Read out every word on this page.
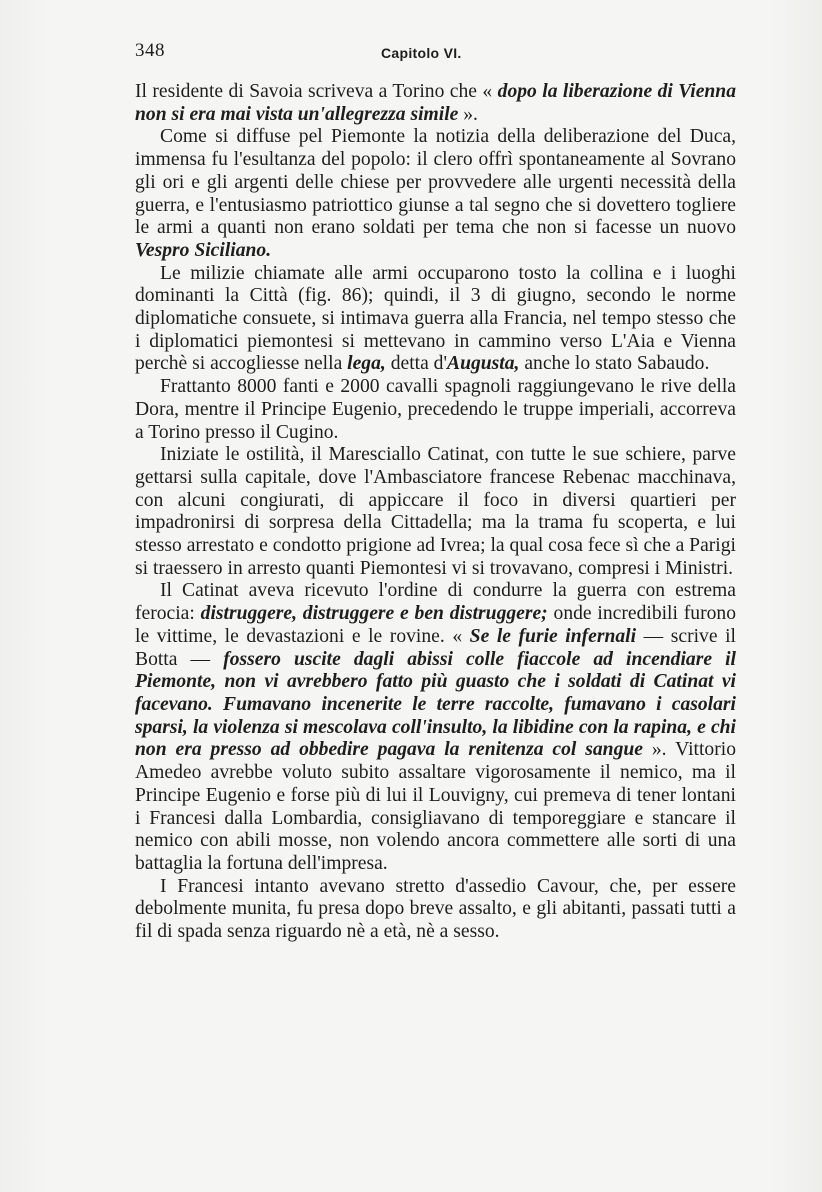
348	Capitolo VI.

Il residente di Savoia scriveva a Torino che « dopo la liberazione di Vienna non si era mai vista un'allegrezza simile ».

Come si diffuse pel Piemonte la notizia della deliberazione del Duca, immensa fu l'esultanza del popolo: il clero offrì spontaneamente al Sovrano gli ori e gli argenti delle chiese per provvedere alle urgenti necessità della guerra, e l'entusiasmo patriottico giunse a tal segno che si dovettero togliere le armi a quanti non erano soldati per tema che non si facesse un nuovo Vespro Siciliano.

Le milizie chiamate alle armi occuparono tosto la collina e i luoghi dominanti la Città (fig. 86); quindi, il 3 di giugno, secondo le norme diplomatiche consuete, si intimava guerra alla Francia, nel tempo stesso che i diplomatici piemontesi si mettevano in cammino verso L'Aia e Vienna perchè si accogliesse nella lega, detta d'Augusta, anche lo stato Sabaudo.

Frattanto 8000 fanti e 2000 cavalli spagnoli raggiungevano le rive della Dora, mentre il Principe Eugenio, precedendo le truppe imperiali, accorreva a Torino presso il Cugino.

Iniziate le ostilità, il Maresciallo Catinat, con tutte le sue schiere, parve gettarsi sulla capitale, dove l'Ambasciatore francese Rebenac macchinava, con alcuni congiurati, di appiccare il foco in diversi quartieri per impadronirsi di sorpresa della Cittadella; ma la trama fu scoperta, e lui stesso arrestato e condotto prigione ad Ivrea; la qual cosa fece sì che a Parigi si traessero in arresto quanti Piemontesi vi si trovavano, compresi i Ministri.

Il Catinat aveva ricevuto l'ordine di condurre la guerra con estrema ferocia: distruggere, distruggere e ben distruggere; onde incredibili furono le vittime, le devastazioni e le rovine. « Se le furie infernali — scrive il Botta — fossero uscite dagli abissi colle fiaccole ad incendiare il Piemonte, non vi avrebbero fatto più guasto che i soldati di Catinat vi facevano. Fumavano incenerite le terre raccolte, fumavano i casolari sparsi, la violenza si mescolava coll'insulto, la libidine con la rapina, e chi non era presso ad obbedire pagava la renitenza col sangue ». Vittorio Amedeo avrebbe voluto subito assaltare vigorosamente il nemico, ma il Principe Eugenio e forse più di lui il Louvigny, cui premeva di tener lontani i Francesi dalla Lombardia, consigliavano di temporeggiare e stancare il nemico con abili mosse, non volendo ancora commettere alle sorti di una battaglia la fortuna dell'impresa.

I Francesi intanto avevano stretto d'assedio Cavour, che, per essere debolmente munita, fu presa dopo breve assalto, e gli abitanti, passati tutti a fil di spada senza riguardo nè a età, nè a sesso.
